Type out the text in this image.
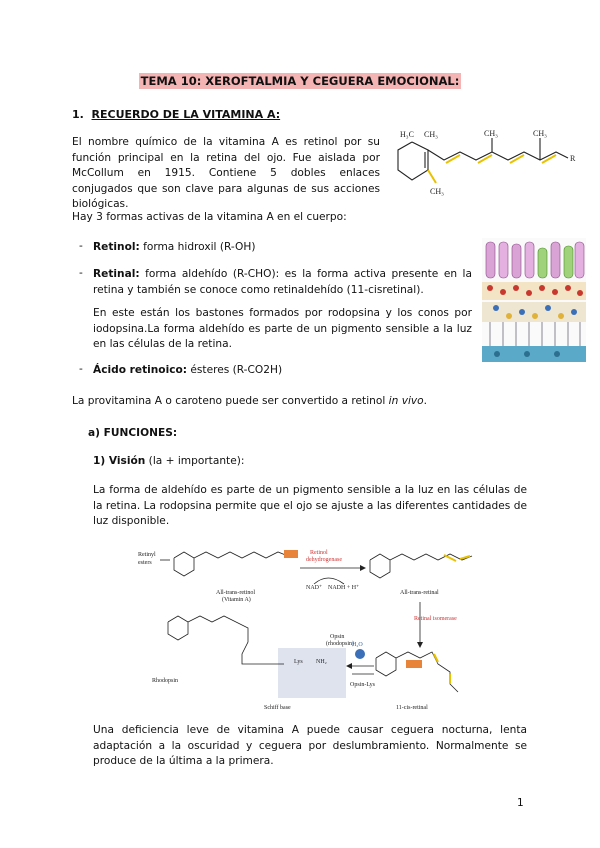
TEMA 10: XEROFTALMIA Y CEGUERA EMOCIONAL:
1. RECUERDO DE LA VITAMINA A:

El nombre químico de la vitamina A es retinol por su función principal en la retina del ojo. Fue aislada por McCollum en 1915. Contiene 5 dobles enlaces conjugados que son clave para algunas de sus acciones biológicas.

H₃C CH₃	CH₃	CH₃
CH₃
R

Hay 3 formas activas de la vitamina A en el cuerpo:

- Retinol: forma hidroxil (R-OH)

- Retinal: forma aldehído (R-CHO): es la forma activa presente en la retina y también se conoce como retinaldehído (11-cisretinal).

En este están los bastones formados por rodopsina y los conos por iodopsina.La forma aldehído es parte de un pigmento sensible a la luz en las células de la retina.

- Ácido retinoico: ésteres (R-CO2H)

La provitamina A o caroteno puede ser convertido a retinol in vivo.

a) FUNCIONES:

1) Visión (la + importante):

La forma de aldehído es parte de un pigmento sensible a la luz en las células de la retina. La rodopsina permite que el ojo se ajuste a las diferentes cantidades de luz disponible.

Retinyl
esters
All-trans-retinol
(Vitamin A)
Retinol
dehydrogenase
NAD⁺ NADH + H⁺
All-trans-retinal
Retinal isomerase
Opsin
(rhodopsin)
H₂O
Opsin-Lys
Rhodopsin
Schiff base	11-cis-retinal
Lys NH₂

Una deficiencia leve de vitamina A puede causar ceguera nocturna, lenta adaptación a la oscuridad y ceguera por deslumbramiento. Normalmente se produce de la última a la primera.

1
